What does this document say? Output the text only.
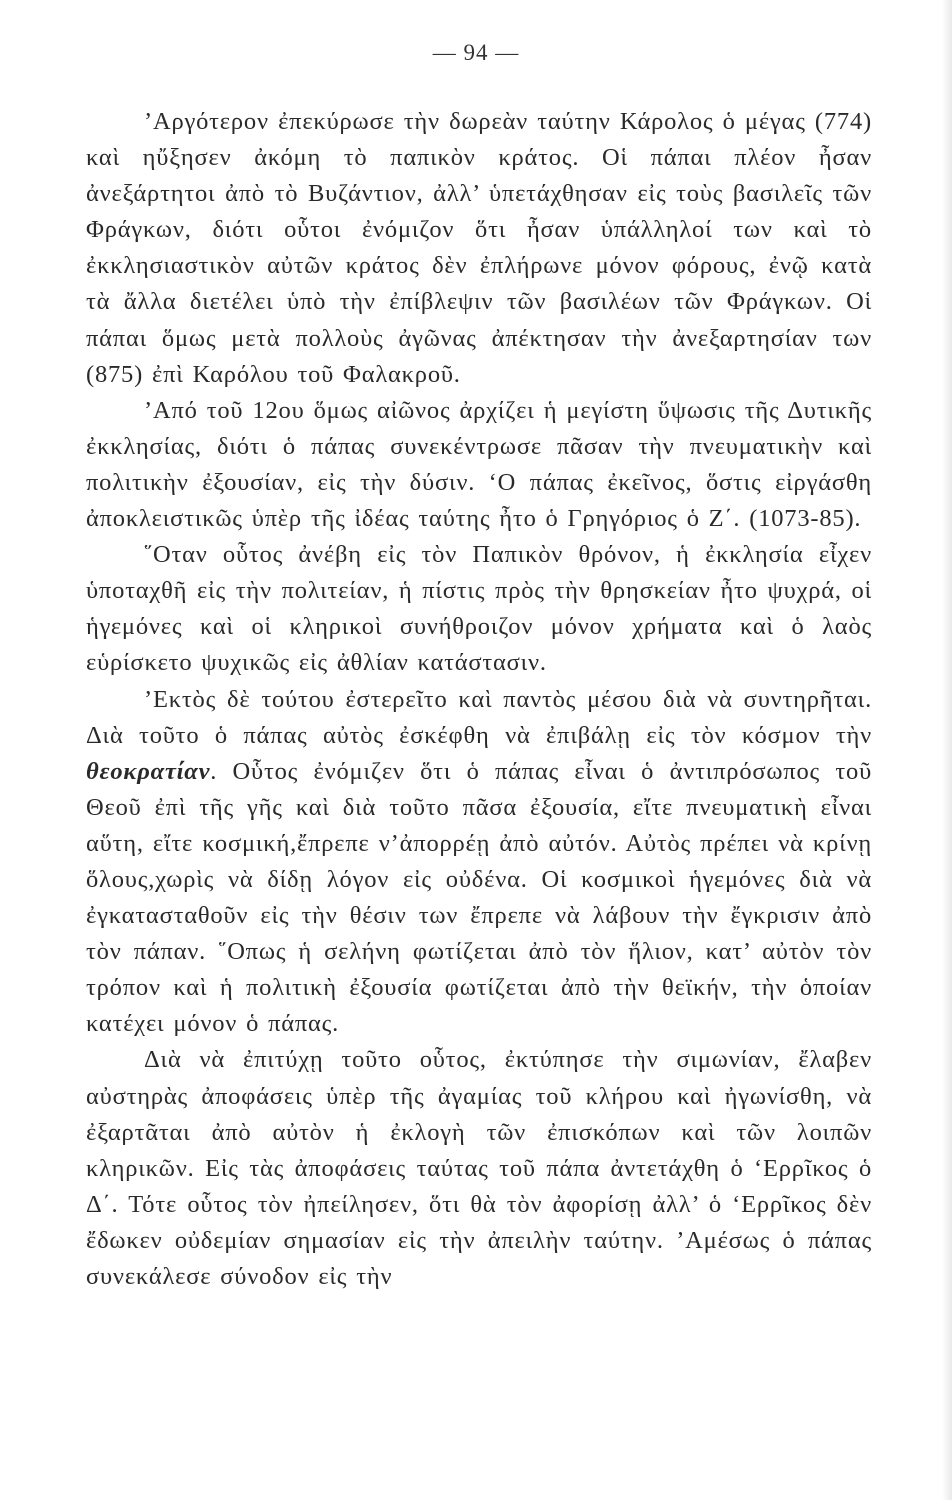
— 94 —

’Αργότερον ἐπεκύρωσε τὴν δωρεὰν ταύτην Κάρολος ὁ μέγας (774) καὶ ηὔξησεν ἀκόμη τὸ παπικὸν κράτος. Οἱ πάπαι πλέον ἦσαν ἀνεξάρτητοι ἀπὸ τὸ Βυζάντιον, ἀλλ’ ὑπετάχθησαν εἰς τοὺς βασιλεῖς τῶν Φράγκων, διότι οὗτοι ἐνόμιζον ὅτι ἦσαν ὑπάλληλοί των καὶ τὸ ἐκκλησιαστικὸν αὐτῶν κράτος δὲν ἐπλήρωνε μόνον φόρους, ἐνῷ κατὰ τὰ ἄλλα διετέλει ὑπὸ τὴν ἐπίβλεψιν τῶν βασιλέων τῶν Φράγκων. Οἱ πάπαι ὅμως μετὰ πολλοὺς ἀγῶνας ἀπέκτησαν τὴν ἀνεξαρτησίαν των (875) ἐπὶ Καρόλου τοῦ Φαλακροῦ.

’Από τοῦ 12ου ὅμως αἰῶνος ἀρχίζει ἡ μεγίστη ὕψωσις τῆς Δυτικῆς ἐκκλησίας, διότι ὁ πάπας συνεκέντρωσε πᾶσαν τὴν πνευματικὴν καὶ πολιτικὴν ἐξουσίαν, εἰς τὴν δύσιν. ‘Ο πάπας ἐκεῖνος, ὅστις εἰργάσθη ἀποκλειστικῶς ὑπὲρ τῆς ἰδέας ταύτης ἦτο ὁ Γρηγόριος ὁ Ζ΄. (1073-85).

῞Οταν οὗτος ἀνέβη εἰς τὸν Παπικὸν θρόνον, ἡ ἐκκλησία εἶχεν ὑποταχθῆ εἰς τὴν πολιτείαν, ἡ πίστις πρὸς τὴν θρησκείαν ἦτο ψυχρά, οἱ ἡγεμόνες καὶ οἱ κληρικοὶ συνήθροιζον μόνον χρήματα καὶ ὁ λαὸς εὑρίσκετο ψυχικῶς εἰς ἀθλίαν κατάστασιν.

’Εκτὸς δὲ τούτου ἐστερεῖτο καὶ παντὸς μέσου διὰ νὰ συντηρῆται. Διὰ τοῦτο ὁ πάπας αὐτὸς ἐσκέφθη νὰ ἐπιβάλῃ εἰς τὸν κόσμον τὴν θεοκρατίαν. Οὗτος ἐνόμιζεν ὅτι ὁ πάπας εἶναι ὁ ἀντιπρόσωπος τοῦ Θεοῦ ἐπὶ τῆς γῆς καὶ διὰ τοῦτο πᾶσα ἐξουσία, εἴτε πνευματικὴ εἶναι αὕτη, εἴτε κοσμική,ἔπρεπε ν’ἀπορρέῃ ἀπὸ αὐτόν. Αὐτὸς πρέπει νὰ κρίνῃ ὅλους,χωρὶς νὰ δίδῃ λόγον εἰς οὐδένα. Οἱ κοσμικοὶ ἡγεμόνες διὰ νὰ ἐγκατασταθοῦν εἰς τὴν θέσιν των ἔπρεπε νὰ λάβουν τὴν ἔγκρισιν ἀπὸ τὸν πάπαν. ῞Οπως ἡ σελήνη φωτίζεται ἀπὸ τὸν ἥλιον, κατ’ αὐτὸν τὸν τρόπον καὶ ἡ πολιτικὴ ἐξουσία φωτίζεται ἀπὸ τὴν θεϊκήν, τὴν ὁποίαν κατέχει μόνον ὁ πάπας.

Διὰ νὰ ἐπιτύχῃ τοῦτο οὗτος, ἐκτύπησε τὴν σιμωνίαν, ἔλαβεν αὐστηρὰς ἀποφάσεις ὑπὲρ τῆς ἀγαμίας τοῦ κλήρου καὶ ἠγωνίσθη, νὰ ἐξαρτᾶται ἀπὸ αὐτὸν ἡ ἐκλογὴ τῶν ἐπισκόπων καὶ τῶν λοιπῶν κληρικῶν. Εἰς τὰς ἀποφάσεις ταύτας τοῦ πάπα ἀντετάχθη ὁ ‘Ερρῖκος ὁ Δ΄. Τότε οὗτος τὸν ἠπείλησεν, ὅτι θὰ τὸν ἀφορίσῃ ἀλλ’ ὁ ‘Ερρῖκος δὲν ἔδωκεν οὐδεμίαν σημασίαν εἰς τὴν ἀπειλὴν ταύτην. ’Αμέσως ὁ πάπας συνεκάλεσε σύνοδον εἰς τὴν
